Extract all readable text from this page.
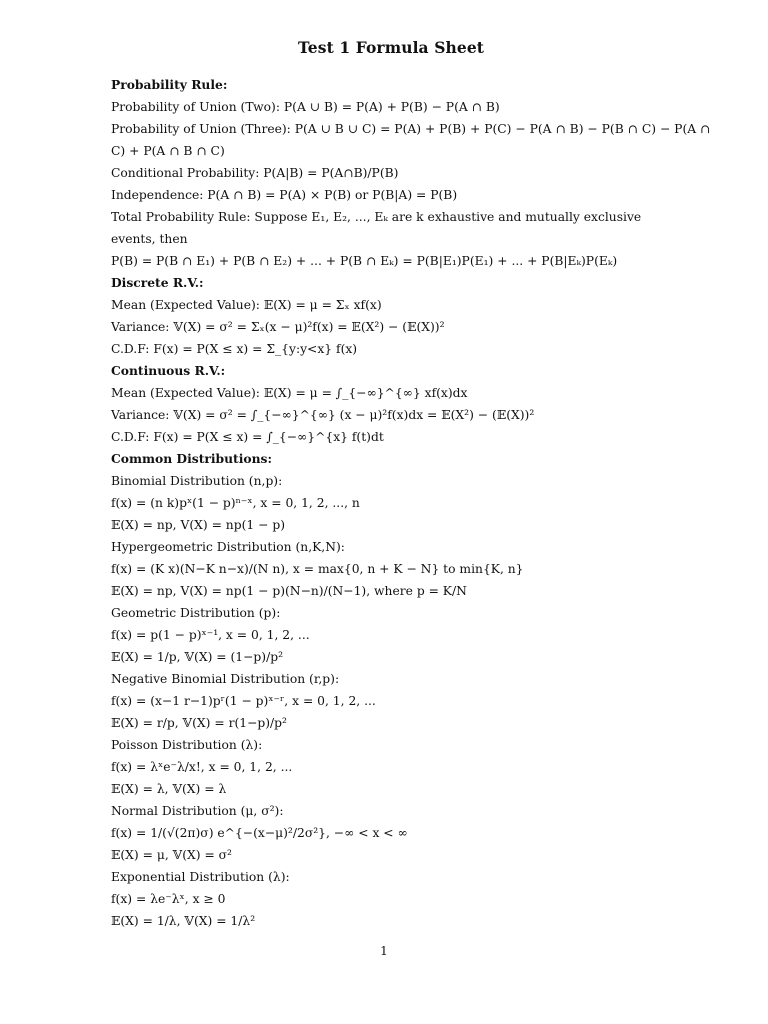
Test 1 Formula Sheet
Probability Rule:
Probability of Union (Two): P(A ∪ B) = P(A) + P(B) − P(A ∩ B)
Probability of Union (Three): P(A ∪ B ∪ C) = P(A) + P(B) + P(C) − P(A ∩ B) − P(B ∩ C) − P(A ∩
C) + P(A ∩ B ∩ C)
Conditional Probability: P(A|B) = P(A∩B)/P(B)
Independence: P(A ∩ B) = P(A) × P(B) or P(B|A) = P(B)
Total Probability Rule: Suppose E₁, E₂, ..., Eₖ are k exhaustive and mutually exclusive events, then
P(B) = P(B ∩ E₁) + P(B ∩ E₂) + ... + P(B ∩ Eₖ) = P(B|E₁)P(E₁) + ... + P(B|Eₖ)P(Eₖ)
Discrete R.V.:
Mean (Expected Value): 𝔼(X) = μ = Σₓ xf(x)
Variance: 𝕍(X) = σ² = Σₓ(x − μ)²f(x) = 𝔼(X²) − (𝔼(X))²
C.D.F: F(x) = P(X ≤ x) = Σ_{y:y<x} f(x)
Continuous R.V.:
Mean (Expected Value): 𝔼(X) = μ = ∫_{−∞}^{∞} xf(x)dx
Variance: 𝕍(X) = σ² = ∫_{−∞}^{∞} (x − μ)²f(x)dx = 𝔼(X²) − (𝔼(X))²
C.D.F: F(x) = P(X ≤ x) = ∫_{−∞}^{x} f(t)dt
Common Distributions:
Binomial Distribution (n,p):
f(x) = (n k)pˣ(1 − p)ⁿ⁻ˣ, x = 0, 1, 2, ..., n
𝔼(X) = np, V(X) = np(1 − p)
Hypergeometric Distribution (n,K,N):
f(x) = (K x)(N−K n−x)/(N n), x = max{0, n + K − N} to min{K, n}
𝔼(X) = np, V(X) = np(1 − p)(N−n)/(N−1), where p = K/N
Geometric Distribution (p):
f(x) = p(1 − p)ˣ⁻¹, x = 0, 1, 2, ...
𝔼(X) = 1/p, 𝕍(X) = (1−p)/p²
Negative Binomial Distribution (r,p):
f(x) = (x−1 r−1)pʳ(1 − p)ˣ⁻ʳ, x = 0, 1, 2, ...
𝔼(X) = r/p, 𝕍(X) = r(1−p)/p²
Poisson Distribution (λ):
f(x) = λˣe⁻λ/x!, x = 0, 1, 2, ...
𝔼(X) = λ, 𝕍(X) = λ
Normal Distribution (μ, σ²):
f(x) = 1/(√(2π)σ) e^{−(x−μ)²/2σ²}, −∞ < x < ∞
𝔼(X) = μ, 𝕍(X) = σ²
Exponential Distribution (λ):
f(x) = λe⁻λˣ, x ≥ 0
𝔼(X) = 1/λ, 𝕍(X) = 1/λ²
1
